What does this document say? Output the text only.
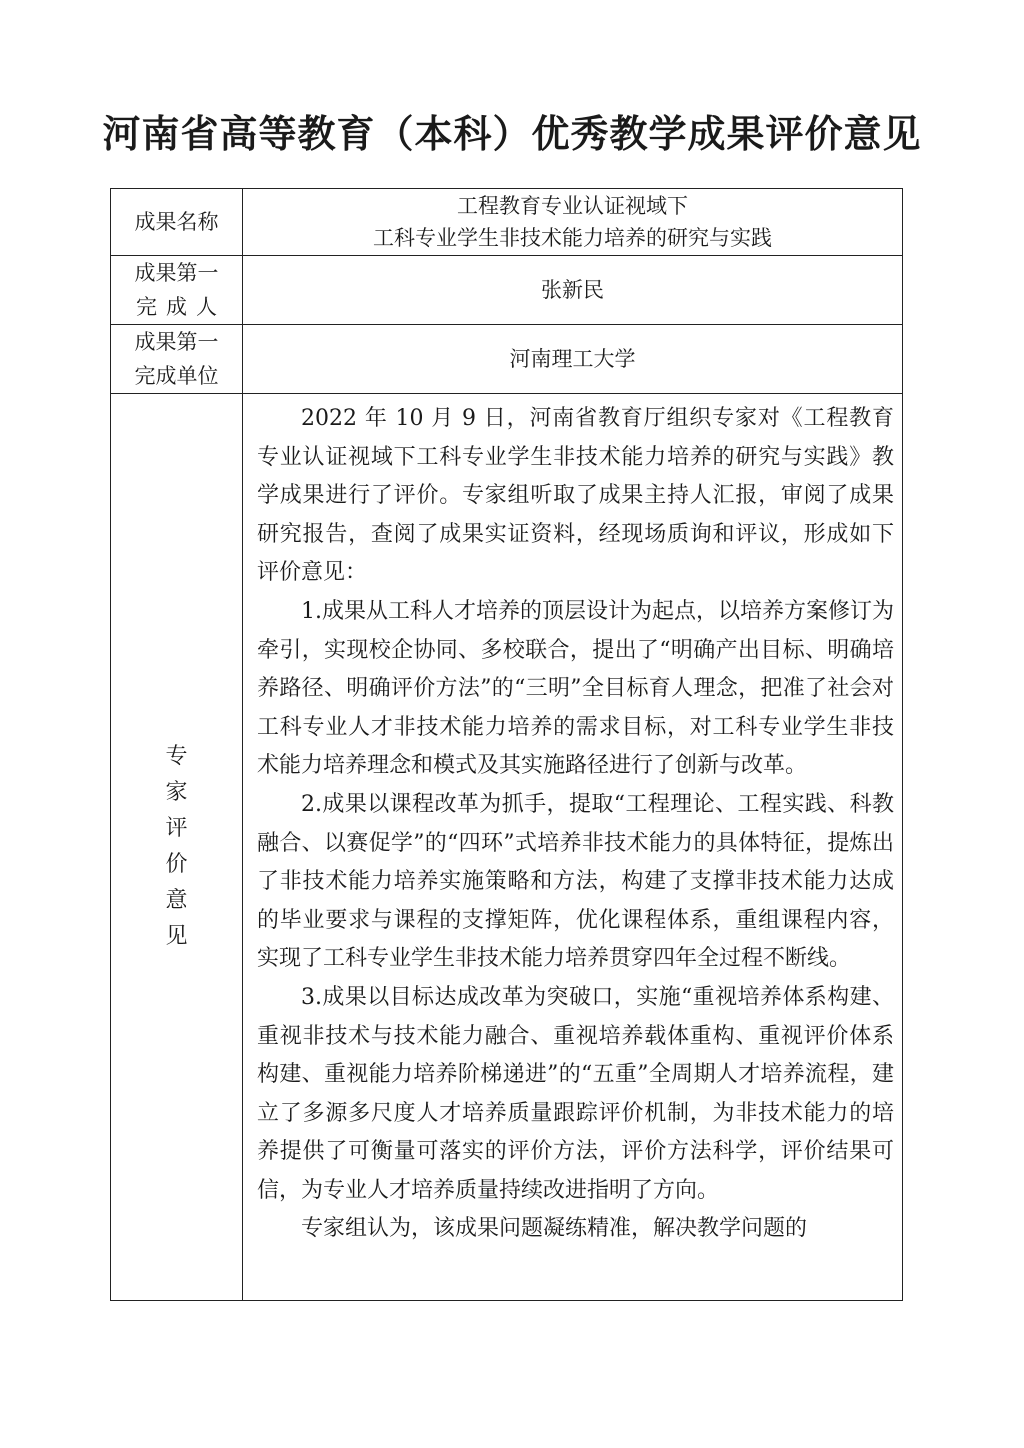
河南省高等教育（本科）优秀教学成果评价意见
成果名称	工程教育专业认证视域下
工科专业学生非技术能力培养的研究与实践

成果第一
完成人	张新民

成果第一
完成单位	河南理工大学
专家评价意见	2022 年 10 月 9 日，河南省教育厅组织专家对《工程教育专业认证视域下工科专业学生非技术能力培养的研究与实践》教学成果进行了评价。专家组听取了成果主持人汇报，审阅了成果研究报告，查阅了成果实证资料，经现场质询和评议，形成如下评价意见：

1.成果从工科人才培养的顶层设计为起点，以培养方案修订为牵引，实现校企协同、多校联合，提出了“明确产出目标、明确培养路径、明确评价方法”的“三明”全目标育人理念，把准了社会对工科专业人才非技术能力培养的需求目标，对工科专业学生非技术能力培养理念和模式及其实施路径进行了创新与改革。

2.成果以课程改革为抓手，提取“工程理论、工程实践、科教融合、以赛促学”的“四环”式培养非技术能力的具体特征，提炼出了非技术能力培养实施策略和方法，构建了支撑非技术能力达成的毕业要求与课程的支撑矩阵，优化课程体系，重组课程内容，实现了工科专业学生非技术能力培养贯穿四年全过程不断线。

3.成果以目标达成改革为突破口，实施“重视培养体系构建、重视非技术与技术能力融合、重视培养载体重构、重视评价体系构建、重视能力培养阶梯递进”的“五重”全周期人才培养流程，建立了多源多尺度人才培养质量跟踪评价机制，为非技术能力的培养提供了可衡量可落实的评价方法，评价方法科学，评价结果可信，为专业人才培养质量持续改进指明了方向。

专家组认为，该成果问题凝练精准，解决教学问题的
